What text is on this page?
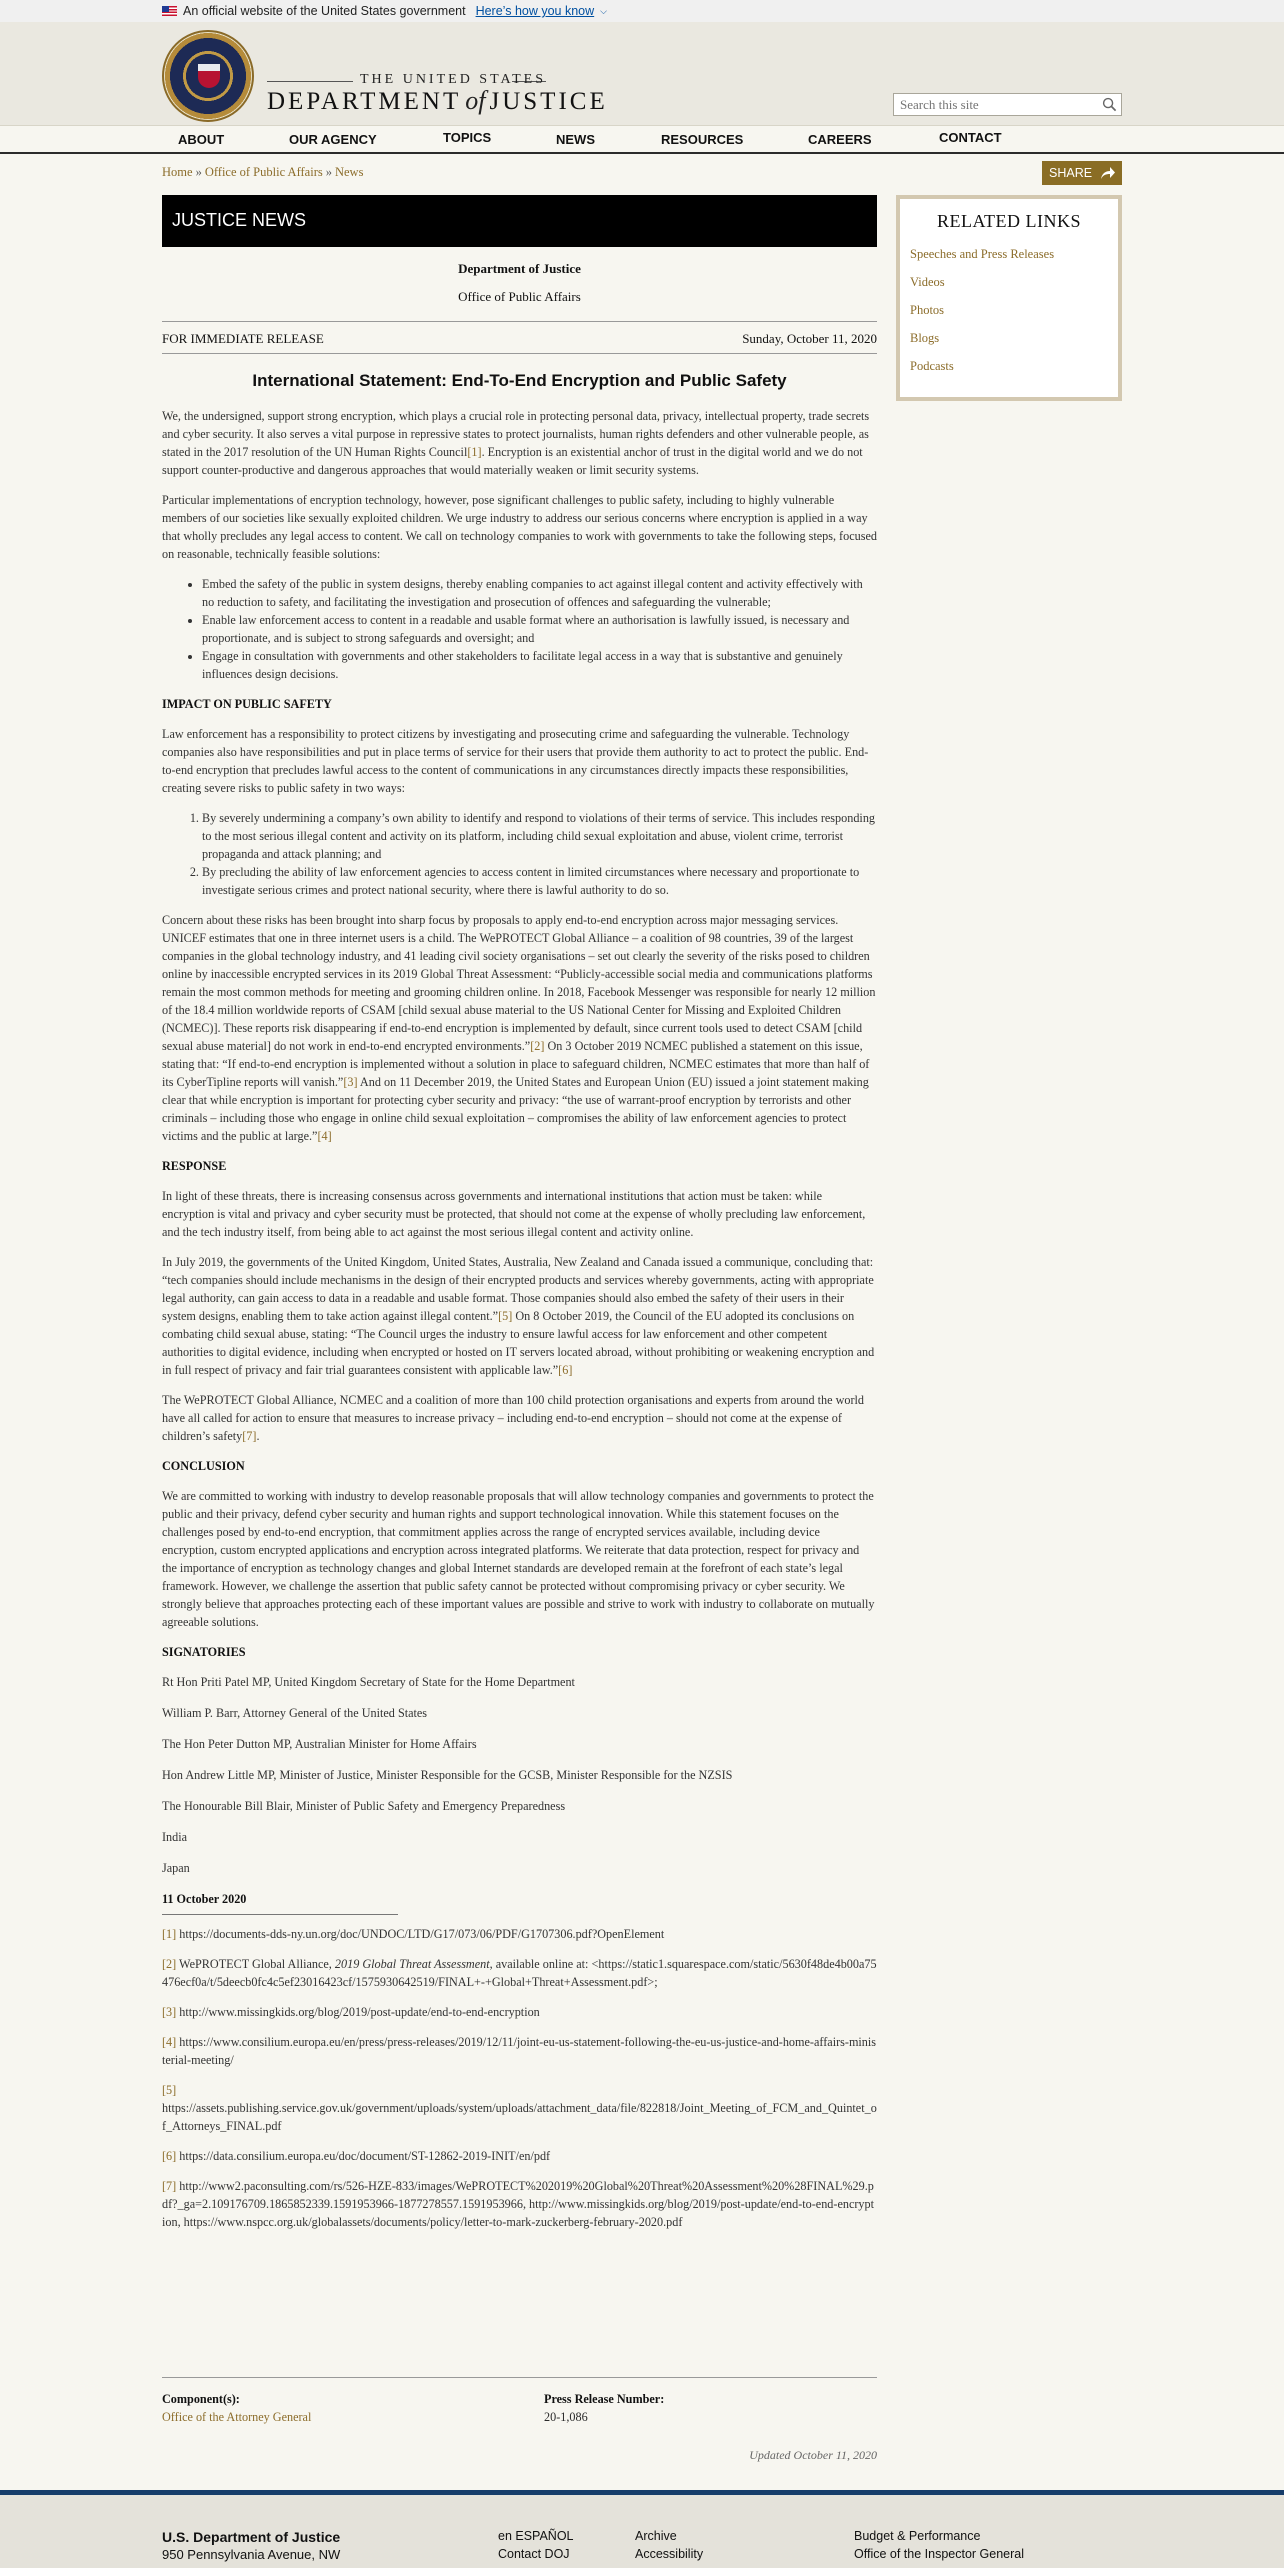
An official website of the United States government Here’s how you know ⌵
THE UNITED STATES
DEPARTMENT of JUSTICE
Search this site
ABOUT	OUR AGENCY	TOPICS	NEWS	RESOURCES	CAREERS	CONTACT
Home » Office of Public Affairs » News	SHARE
JUSTICE NEWS
Department of Justice
Office of Public Affairs
FOR IMMEDIATE RELEASE	Sunday, October 11, 2020
International Statement: End-To-End Encryption and Public Safety

We, the undersigned, support strong encryption, which plays a crucial role in protecting personal data, privacy, intellectual property, trade secrets and cyber security. It also serves a vital purpose in repressive states to protect journalists, human rights defenders and other vulnerable people, as stated in the 2017 resolution of the UN Human Rights Council[1]. Encryption is an existential anchor of trust in the digital world and we do not support counter-productive and dangerous approaches that would materially weaken or limit security systems.

Particular implementations of encryption technology, however, pose significant challenges to public safety, including to highly vulnerable members of our societies like sexually exploited children. We urge industry to address our serious concerns where encryption is applied in a way that wholly precludes any legal access to content. We call on technology companies to work with governments to take the following steps, focused on reasonable, technically feasible solutions:

• Embed the safety of the public in system designs, thereby enabling companies to act against illegal content and activity effectively with no reduction to safety, and facilitating the investigation and prosecution of offences and safeguarding the vulnerable;
• Enable law enforcement access to content in a readable and usable format where an authorisation is lawfully issued, is necessary and proportionate, and is subject to strong safeguards and oversight; and
• Engage in consultation with governments and other stakeholders to facilitate legal access in a way that is substantive and genuinely influences design decisions.
IMPACT ON PUBLIC SAFETY

Law enforcement has a responsibility to protect citizens by investigating and prosecuting crime and safeguarding the vulnerable. Technology companies also have responsibilities and put in place terms of service for their users that provide them authority to act to protect the public. End-to-end encryption that precludes lawful access to the content of communications in any circumstances directly impacts these responsibilities, creating severe risks to public safety in two ways:

1. By severely undermining a company’s own ability to identify and respond to violations of their terms of service. This includes responding to the most serious illegal content and activity on its platform, including child sexual exploitation and abuse, violent crime, terrorist propaganda and attack planning; and
2. By precluding the ability of law enforcement agencies to access content in limited circumstances where necessary and proportionate to investigate serious crimes and protect national security, where there is lawful authority to do so.

Concern about these risks has been brought into sharp focus by proposals to apply end-to-end encryption across major messaging services. UNICEF estimates that one in three internet users is a child. The WePROTECT Global Alliance – a coalition of 98 countries, 39 of the largest companies in the global technology industry, and 41 leading civil society organisations – set out clearly the severity of the risks posed to children online by inaccessible encrypted services in its 2019 Global Threat Assessment: “Publicly-accessible social media and communications platforms remain the most common methods for meeting and grooming children online. In 2018, Facebook Messenger was responsible for nearly 12 million of the 18.4 million worldwide reports of CSAM [child sexual abuse material to the US National Center for Missing and Exploited Children (NCMEC)]. These reports risk disappearing if end-to-end encryption is implemented by default, since current tools used to detect CSAM [child sexual abuse material] do not work in end-to-end encrypted environments.”[2] On 3 October 2019 NCMEC published a statement on this issue, stating that: “If end-to-end encryption is implemented without a solution in place to safeguard children, NCMEC estimates that more than half of its CyberTipline reports will vanish.”[3] And on 11 December 2019, the United States and European Union (EU) issued a joint statement making clear that while encryption is important for protecting cyber security and privacy: “the use of warrant-proof encryption by terrorists and other criminals – including those who engage in online child sexual exploitation – compromises the ability of law enforcement agencies to protect victims and the public at large.”[4]

RESPONSE

In light of these threats, there is increasing consensus across governments and international institutions that action must be taken: while encryption is vital and privacy and cyber security must be protected, that should not come at the expense of wholly precluding law enforcement, and the tech industry itself, from being able to act against the most serious illegal content and activity online.

In July 2019, the governments of the United Kingdom, United States, Australia, New Zealand and Canada issued a communique, concluding that: “tech companies should include mechanisms in the design of their encrypted products and services whereby governments, acting with appropriate legal authority, can gain access to data in a readable and usable format. Those companies should also embed the safety of their users in their system designs, enabling them to take action against illegal content.”[5] On 8 October 2019, the Council of the EU adopted its conclusions on combating child sexual abuse, stating: “The Council urges the industry to ensure lawful access for law enforcement and other competent authorities to digital evidence, including when encrypted or hosted on IT servers located abroad, without prohibiting or weakening encryption and in full respect of privacy and fair trial guarantees consistent with applicable law.”[6]

The WePROTECT Global Alliance, NCMEC and a coalition of more than 100 child protection organisations and experts from around the world have all called for action to ensure that measures to increase privacy – including end-to-end encryption – should not come at the expense of children’s safety[7].

CONCLUSION

We are committed to working with industry to develop reasonable proposals that will allow technology companies and governments to protect the public and their privacy, defend cyber security and human rights and support technological innovation. While this statement focuses on the challenges posed by end-to-end encryption, that commitment applies across the range of encrypted services available, including device encryption, custom encrypted applications and encryption across integrated platforms. We reiterate that data protection, respect for privacy and the importance of encryption as technology changes and global Internet standards are developed remain at the forefront of each state’s legal framework. However, we challenge the assertion that public safety cannot be protected without compromising privacy or cyber security. We strongly believe that approaches protecting each of these important values are possible and strive to work with industry to collaborate on mutually agreeable solutions.

SIGNATORIES

Rt Hon Priti Patel MP, United Kingdom Secretary of State for the Home Department

William P. Barr, Attorney General of the United States

The Hon Peter Dutton MP, Australian Minister for Home Affairs

Hon Andrew Little MP, Minister of Justice, Minister Responsible for the GCSB, Minister Responsible for the NZSIS

The Honourable Bill Blair, Minister of Public Safety and Emergency Preparedness

India

Japan

11 October 2020

[1] https://documents-dds-ny.un.org/doc/UNDOC/LTD/G17/073/06/PDF/G1707306.pdf?OpenElement

[2] WePROTECT Global Alliance, 2019 Global Threat Assessment, available online at: <https://static1.squarespace.com/static/5630f48de4b00a75476ecf0a/t/5deecb0fc4c5ef23016423cf/1575930642519/FINAL+-+Global+Threat+Assessment.pdf>;

[3] http://www.missingkids.org/blog/2019/post-update/end-to-end-encryption

[4] https://www.consilium.europa.eu/en/press/press-releases/2019/12/11/joint-eu-us-statement-following-the-eu-us-justice-and-home-affairs-ministerial-meeting/

[5]
https://assets.publishing.service.gov.uk/government/uploads/system/uploads/attachment_data/file/822818/Joint_Meeting_of_FCM_and_Quintet_of_Attorneys_FINAL.pdf

[6] https://data.consilium.europa.eu/doc/document/ST-12862-2019-INIT/en/pdf

[7] http://www2.paconsulting.com/rs/526-HZE-833/images/WePROTECT%202019%20Global%20Threat%20Assessment%20%28FINAL%29.pdf?_ga=2.109176709.1865852339.1591953966-1877278557.1591953966, http://www.missingkids.org/blog/2019/post-update/end-to-end-encryption, https://www.nspcc.org.uk/globalassets/documents/policy/letter-to-mark-zuckerberg-february-2020.pdf

Component(s):
Office of the Attorney General
Press Release Number:
20-1,086
Updated October 11, 2020
RELATED LINKS
Speeches and Press Releases
Videos
Photos
Blogs
Podcasts
U.S. Department of Justice
950 Pennsylvania Avenue, NW
en ESPAÑOL
Contact DOJ
Archive
Accessibility
Budget & Performance
Office of the Inspector General
